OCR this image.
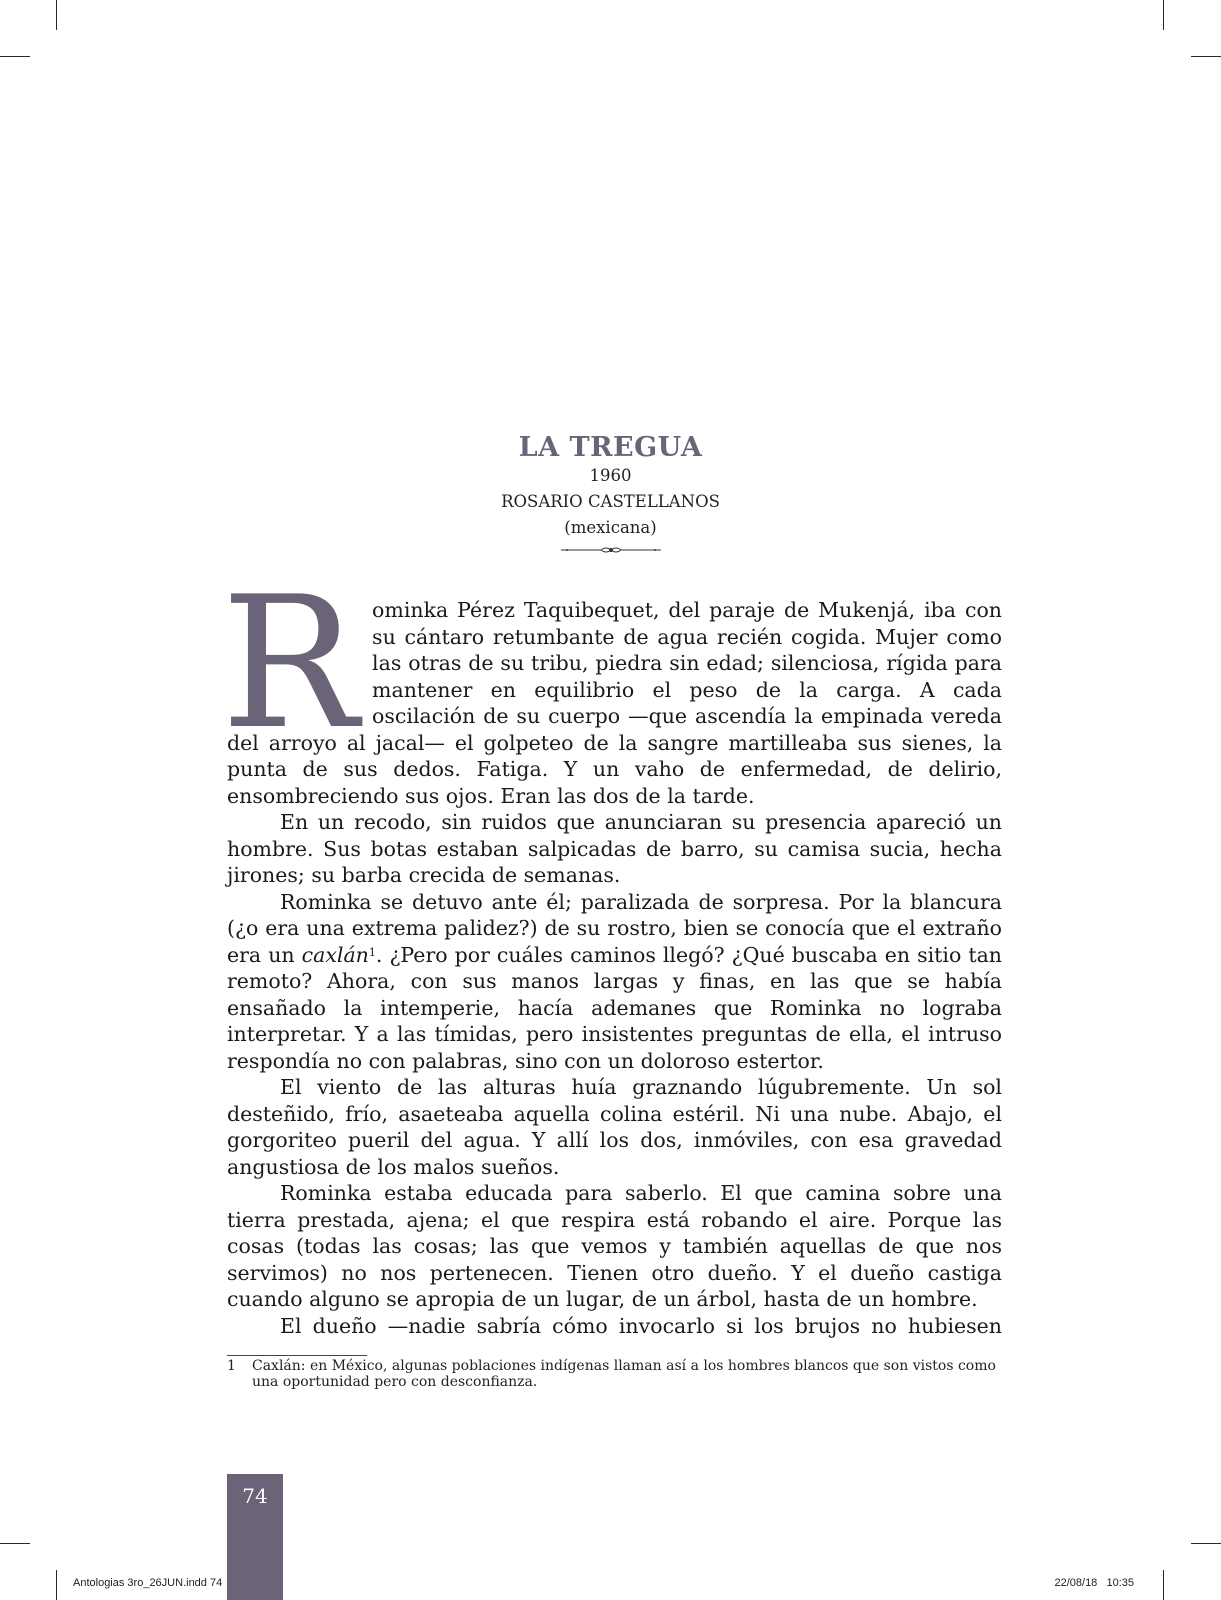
LA TREGUA

1960

ROSARIO CASTELLANOS

(mexicana)

Rominka Pérez Taquibequet, del paraje de Mukenjá, iba con su cántaro retumbante de agua recién cogida. Mujer como las otras de su tribu, piedra sin edad; silenciosa, rígida para mantener en equilibrio el peso de la carga. A cada oscilación de su cuerpo —que ascendía la empinada vereda del arroyo al jacal— el golpeteo de la sangre martilleaba sus sienes, la punta de sus dedos. Fatiga. Y un vaho de enfermedad, de delirio, ensombreciendo sus ojos. Eran las dos de la tarde.

En un recodo, sin ruidos que anunciaran su presencia apareció un hombre. Sus botas estaban salpicadas de barro, su camisa sucia, hecha jirones; su barba crecida de semanas.

Rominka se detuvo ante él; paralizada de sorpresa. Por la blancura (¿o era una extrema palidez?) de su rostro, bien se conocía que el extraño era un caxlán$^1$. ¿Pero por cuáles caminos llegó? ¿Qué buscaba en sitio tan remoto? Ahora, con sus manos largas y finas, en las que se había ensañado la intemperie, hacía ademanes que Rominka no lograba interpretar. Y a las tímidas, pero insistentes preguntas de ella, el intruso respondía no con palabras, sino con un doloroso estertor.

El viento de las alturas huía graznando lúgubremente. Un sol desteñido, frío, asaeteaba aquella colina estéril. Ni una nube. Abajo, el gorgoriteo pueril del agua. Y allí los dos, inmóviles, con esa gravedad angustiosa de los malos sueños.

Rominka estaba educada para saberlo. El que camina sobre una tierra prestada, ajena; el que respira está robando el aire. Porque las cosas (todas las cosas; las que vemos y también aquellas de que nos servimos) no nos pertenecen. Tienen otro dueño. Y el dueño castiga cuando alguno se apropia de un lugar, de un árbol, hasta de un hombre.

El dueño —nadie sabría cómo invocarlo si los brujos no hubiesen

1 Caxlán: en México, algunas poblaciones indígenas llaman así a los hombres blancos que son vistos como una oportunidad pero con desconfianza.
74
Antologias 3ro_26JUN.indd 74	22/08/18   10:35
